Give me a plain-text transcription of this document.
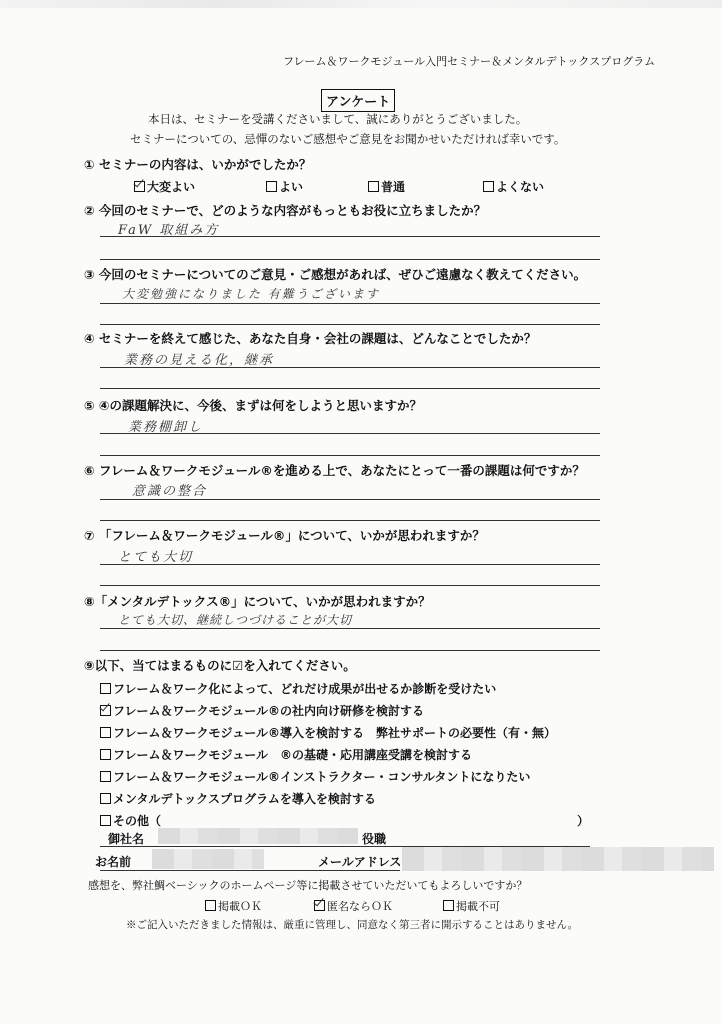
フレーム＆ワークモジュール入門セミナー＆メンタルデトックスプログラム
アンケート
本日は、セミナーを受講くださいまして、誠にありがとうございました。
セミナーについての、忌憚のないご感想やご意見をお聞かせいただければ幸いです。
① セミナーの内容は、いかがでしたか？
大変よい	よい	普通	よくない
② 今回のセミナーで、どのような内容がもっともお役に立ちましたか？
FaW 取組み方
③ 今回のセミナーについてのご意見・ご感想があれば、ぜひご遠慮なく教えてください。
大変勉強になりました 有難うございます
④ セミナーを終えて感じた、あなた自身・会社の課題は、どんなことでしたか？
業務の見える化，継承
⑤ ④の課題解決に、今後、まずは何をしようと思いますか？
業務棚卸し
⑥ フレーム＆ワークモジュール®を進める上で、あなたにとって一番の課題は何ですか？
意識の整合
⑦ 「フレーム＆ワークモジュール®」について、いかが思われますか？
とても大切
⑧「メンタルデトックス®」について、いかが思われますか？
とても大切、継続しつづけることが大切
⑨以下、当てはまるものに☑を入れてください。
フレーム＆ワーク化によって、どれだけ成果が出せるか診断を受けたい
フレーム＆ワークモジュール®の社内向け研修を検討する
フレーム＆ワークモジュール®導入を検討する　弊社サポートの必要性（有・無）
フレーム＆ワークモジュール　®の基礎・応用講座受講を検討する
フレーム＆ワークモジュール®インストラクター・コンサルタントになりたい
メンタルデトックスプログラムを導入を検討する
その他（	）
御社名	役職
お名前	メールアドレス
感想を、弊社鯛ベーシックのホームページ等に掲載させていただいてもよろしいですか？
掲載ＯＫ	匿名ならＯＫ	掲載不可
※ご記入いただきました情報は、厳重に管理し、同意なく第三者に開示することはありません。
